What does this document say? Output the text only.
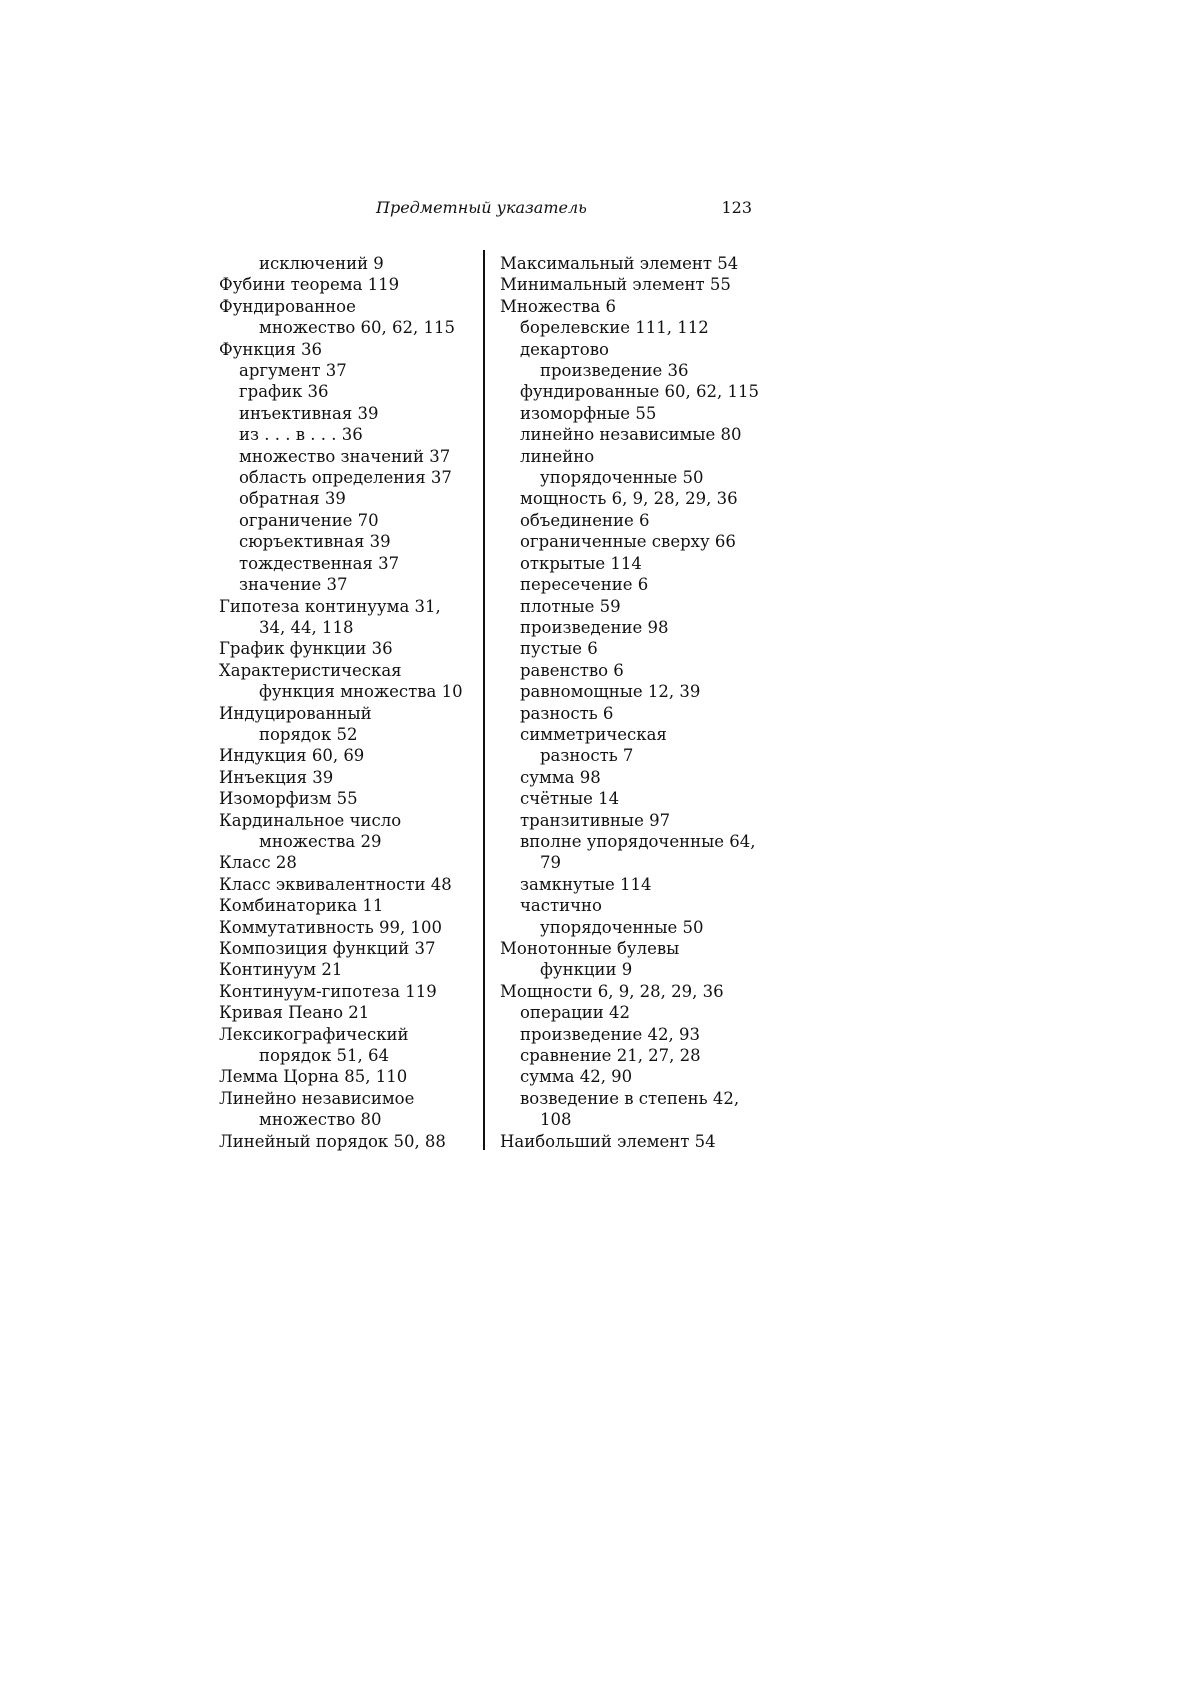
Предметный указатель	123
исключений 9
Фубини теорема 119
Фундированное
множество 60, 62, 115
Функция 36
аргумент 37
график 36
инъективная 39
из . . . в . . . 36
множество значений 37
область определения 37
обратная 39
ограничение 70
сюръективная 39
тождественная 37
значение 37
Гипотеза континуума 31,
34, 44, 118
График функции 36
Характеристическая
функция множества 10
Индуцированный
порядок 52
Индукция 60, 69
Инъекция 39
Изоморфизм 55
Кардинальное число
множества 29
Класс 28
Класс эквивалентности 48
Комбинаторика 11
Коммутативность 99, 100
Композиция функций 37
Континуум 21
Континуум-гипотеза 119
Кривая Пеано 21
Лексикографический
порядок 51, 64
Лемма Цорна 85, 110
Линейно независимое
множество 80
Линейный порядок 50, 88
Максимальный элемент 54
Минимальный элемент 55
Множества 6
борелевские 111, 112
декартово
произведение 36
фундированные 60, 62, 115
изоморфные 55
линейно независимые 80
линейно
упорядоченные 50
мощность 6, 9, 28, 29, 36
объединение 6
ограниченные сверху 66
открытые 114
пересечение 6
плотные 59
произведение 98
пустые 6
равенство 6
равномощные 12, 39
разность 6
симметрическая
разность 7
сумма 98
счётные 14
транзитивные 97
вполне упорядоченные 64,
79
замкнутые 114
частично
упорядоченные 50
Монотонные булевы
функции 9
Мощности 6, 9, 28, 29, 36
операции 42
произведение 42, 93
сравнение 21, 27, 28
сумма 42, 90
возведение в степень 42,
108
Наибольший элемент 54
